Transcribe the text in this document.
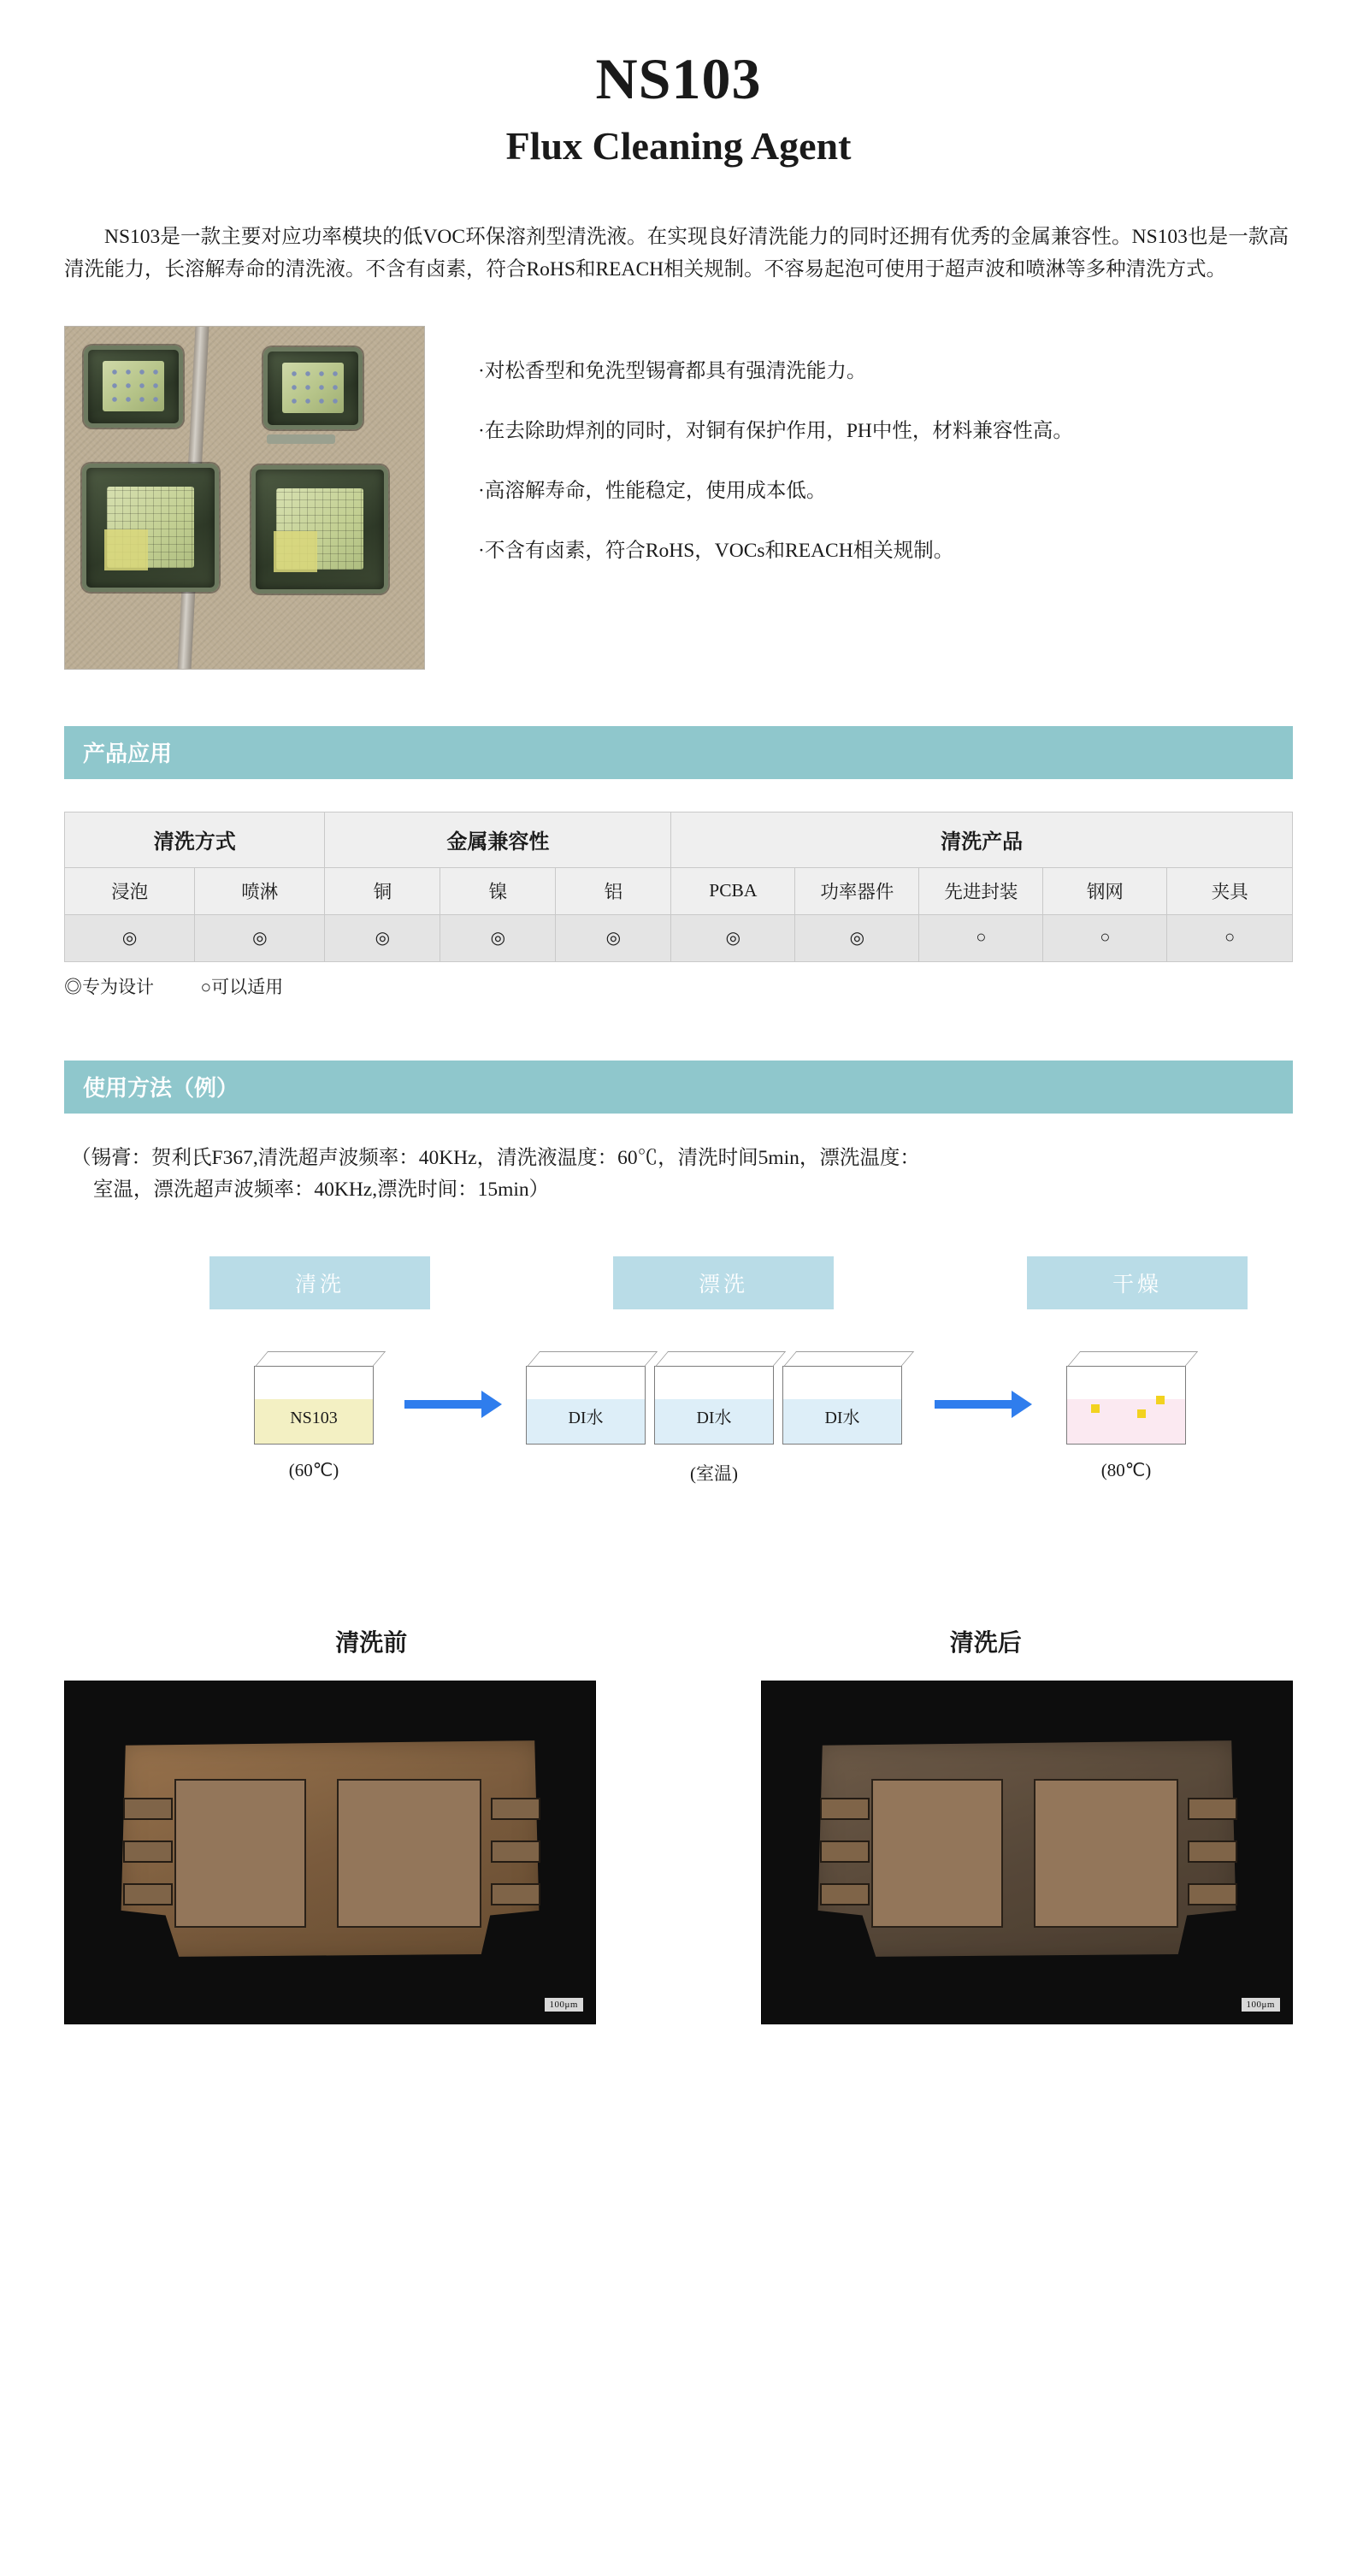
NS103
Flux Cleaning Agent
NS103是一款主要对应功率模块的低VOC环保溶剂型清洗液。在实现良好清洗能力的同时还拥有优秀的金属兼容性。NS103也是一款高清洗能力，长溶解寿命的清洗液。不含有卤素，符合RoHS和REACH相关规制。不容易起泡可使用于超声波和喷淋等多种清洗方式。
·对松香型和免洗型锡膏都具有强清洗能力。
·在去除助焊剂的同时，对铜有保护作用，PH中性，材料兼容性高。
·高溶解寿命，性能稳定，使用成本低。
·不含有卤素，符合RoHS，VOCs和REACH相关规制。
产品应用
清洗方式		金属兼容性			清洗产品				
浸泡	喷淋	铜	镍	铝	PCBA	功率器件	先进封装	钢网	夹具
◎	◎	◎	◎	◎	◎	◎	○	○	○
◎专为设计	○可以适用
使用方法（例）
（锡膏：贺利氏F367,清洗超声波频率：40KHz，清洗液温度：60℃，清洗时间5min，漂洗温度：
室温，漂洗超声波频率：40KHz,漂洗时间：15min）
清洗	漂洗	干燥
NS103	DI水	DI水	DI水
(60℃)	(室温)	(80℃)
清洗前	清洗后
100μm	100μm
